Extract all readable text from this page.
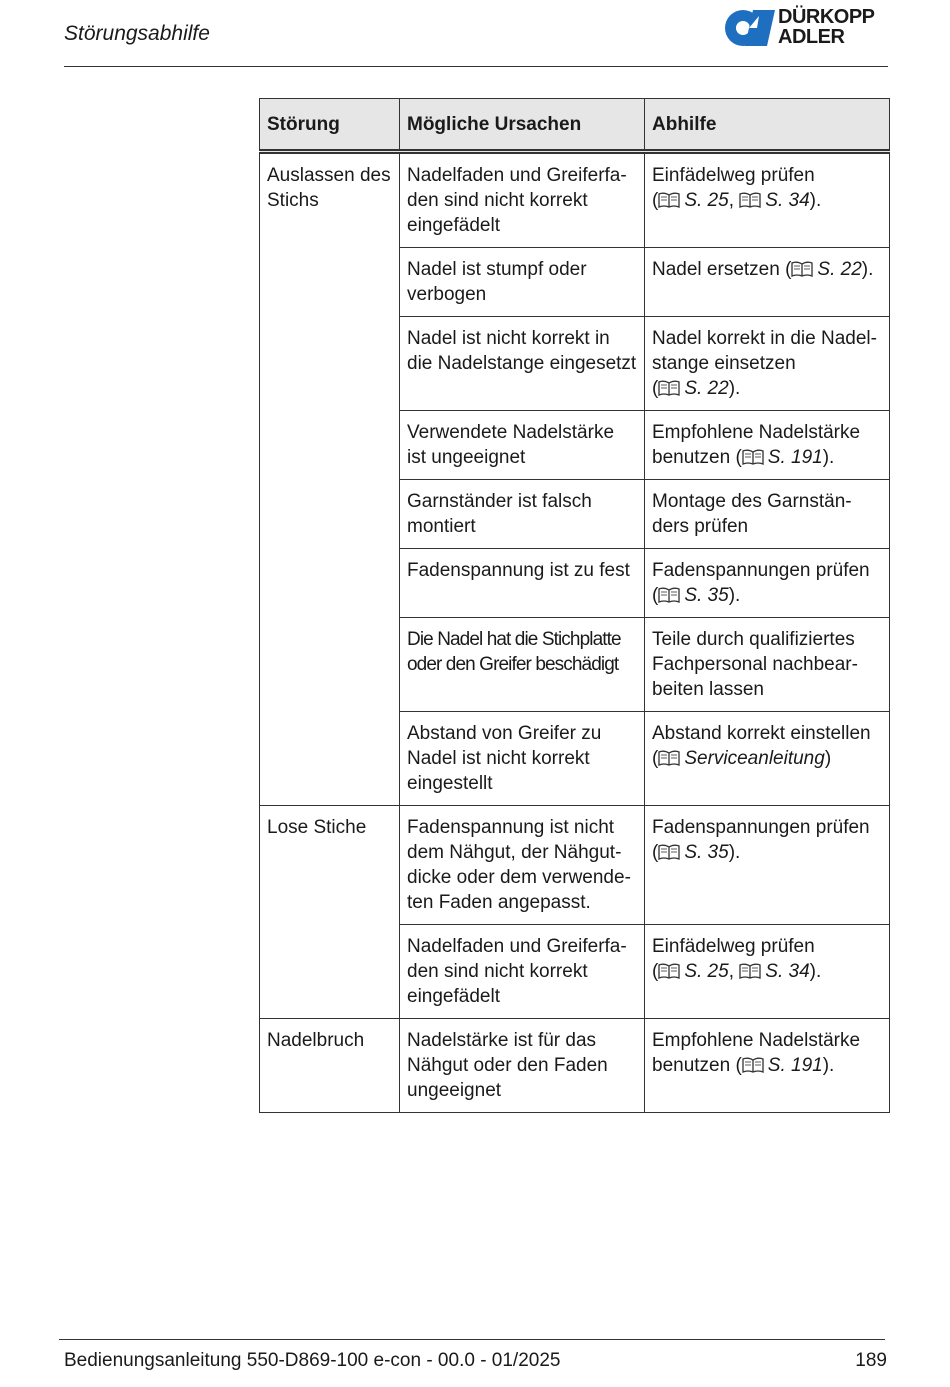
Störungsabhilfe
DÜRKOPP
ADLER
Störung	Mögliche Ursachen	Abhilfe
Auslassen des Stichs	Nadelfaden und Greiferfa-den sind nicht korrekt eingefädelt	Einfädelweg prüfen ( S. 25, S. 34).
	Nadel ist stumpf oder verbogen	Nadel ersetzen ( S. 22).
	Nadel ist nicht korrekt in die Nadelstange eingesetzt	Nadel korrekt in die Nadel-stange einsetzen ( S. 22).
	Verwendete Nadelstärke ist ungeeignet	Empfohlene Nadelstärke benutzen ( S. 191).
	Garnständer ist falsch montiert	Montage des Garnstän-ders prüfen
	Fadenspannung ist zu fest	Fadenspannungen prüfen ( S. 35).
	Die Nadel hat die Stichplatte oder den Greifer beschädigt	Teile durch qualifiziertes Fachpersonal nachbear-beiten lassen
	Abstand von Greifer zu Nadel ist nicht korrekt eingestellt	Abstand korrekt einstellen ( Serviceanleitung)
Lose Stiche	Fadenspannung ist nicht dem Nähgut, der Nähgut-dicke oder dem verwende-ten Faden angepasst.	Fadenspannungen prüfen ( S. 35).
	Nadelfaden und Greiferfa-den sind nicht korrekt eingefädelt	Einfädelweg prüfen ( S. 25, S. 34).
Nadelbruch	Nadelstärke ist für das Nähgut oder den Faden ungeeignet	Empfohlene Nadelstärke benutzen ( S. 191).
Bedienungsanleitung 550-D869-100 e-con - 00.0 - 01/2025	189
